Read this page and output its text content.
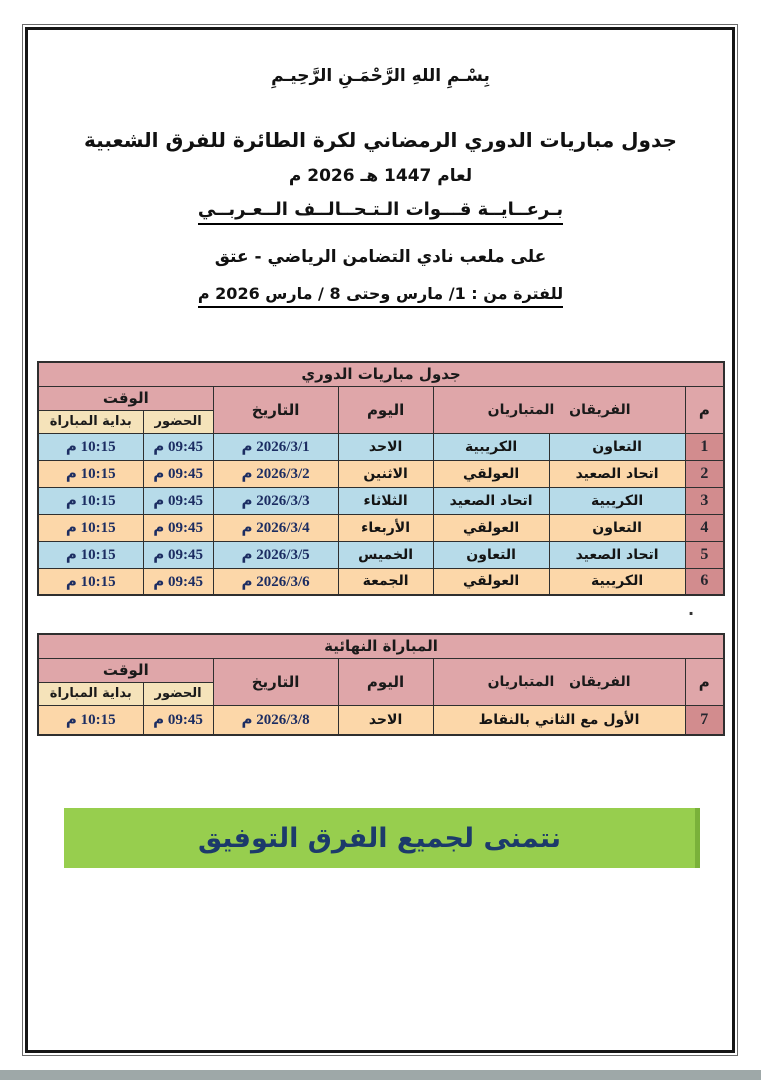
بِسْـمِ اللهِ الرَّحْمَـنِ الرَّحِيـمِ
جدول مباريات الدوري الرمضاني لكرة الطائرة للفرق الشعبية
لعام 1447 هـ 2026 م
بـرعــايــة قـــوات الـتـحــالــف الــعـربــي
على ملعب نادي التضامن الرياضي - عتق
للفترة من : 1/ مارس وحتى 8 / مارس 2026 م
جدول مباريات الدوري						
م	الفريقان المتباريان		اليوم	التاريخ	الوقت	
					الحضور	بداية المباراة
1	التعاون	الكريبية	الاحد	2026/3/1 م	09:45 م	10:15 م
2	اتحاد الصعيد	العولقي	الاثنين	2026/3/2 م	09:45 م	10:15 م
3	الكريبية	اتحاد الصعيد	الثلاثاء	2026/3/3 م	09:45 م	10:15 م
4	التعاون	العولقي	الأربعاء	2026/3/4 م	09:45 م	10:15 م
5	اتحاد الصعيد	التعاون	الخميس	2026/3/5 م	09:45 م	10:15 م
6	الكريبية	العولقي	الجمعة	2026/3/6 م	09:45 م	10:15 م
.
المباراة النهائية					
م	الفريقان المتباريان	اليوم	التاريخ	الوقت	
				الحضور	بداية المباراة
7	الأول مع الثاني بالنقاط	الاحد	2026/3/8 م	09:45 م	10:15 م
نتمنى لجميع الفرق التوفيق
